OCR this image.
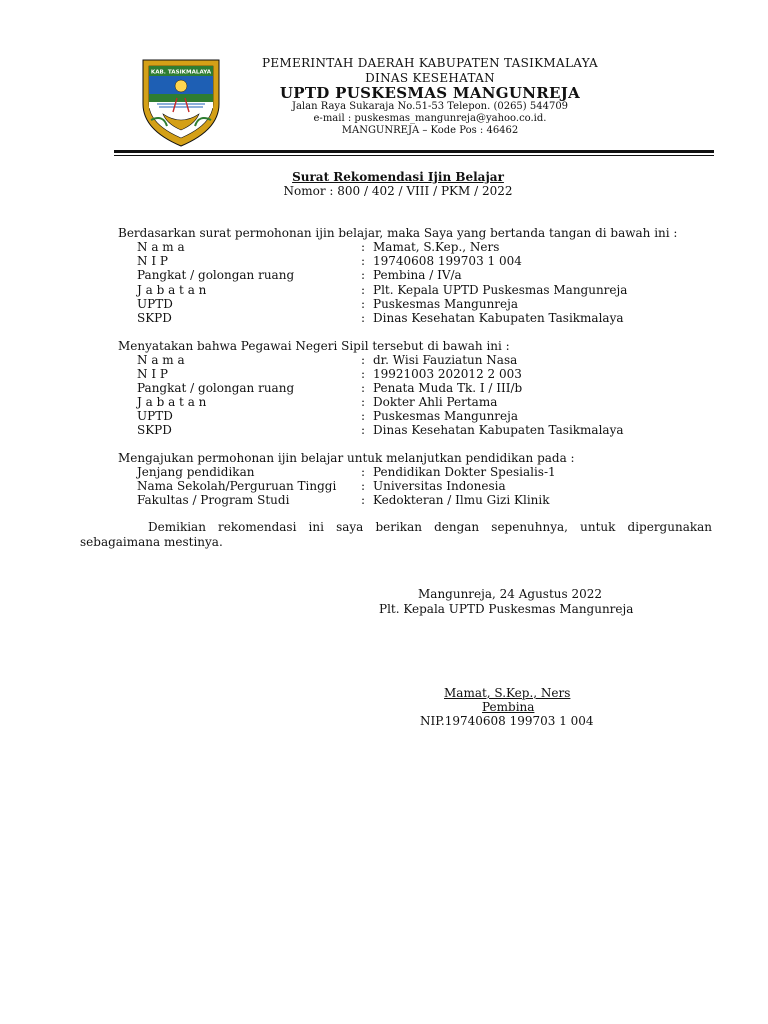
KAB. TASIKMALAYA
PEMERINTAH DAERAH KABUPATEN TASIKMALAYA
DINAS KESEHATAN
UPTD PUSKESMAS MANGUNREJA
Jalan Raya Sukaraja No.51-53 Telepon. (0265) 544709
e-mail : puskesmas_mangunreja@yahoo.co.id.
MANGUNREJA – Kode Pos : 46462
Surat Rekomendasi Ijin Belajar
Nomor : 800 / 402 / VIII / PKM / 2022
Berdasarkan surat permohonan ijin belajar, maka Saya yang bertanda tangan di bawah ini :
N a m a	: Mamat, S.Kep., Ners
N I P	: 19740608 199703 1 004
Pangkat / golongan ruang	: Pembina / IV/a
J a b a t a n	: Plt. Kepala UPTD Puskesmas Mangunreja
UPTD	: Puskesmas Mangunreja
SKPD	: Dinas Kesehatan Kabupaten Tasikmalaya
Menyatakan bahwa Pegawai Negeri Sipil tersebut di bawah ini :
N a m a	: dr. Wisi Fauziatun Nasa
N I P	: 19921003 202012 2 003
Pangkat / golongan ruang	: Penata Muda Tk. I / III/b
J a b a t a n	: Dokter Ahli Pertama
UPTD	: Puskesmas Mangunreja
SKPD	: Dinas Kesehatan Kabupaten Tasikmalaya
Mengajukan permohonan ijin belajar untuk melanjutkan pendidikan pada :
Jenjang pendidikan	: Pendidikan Dokter Spesialis-1
Nama Sekolah/Perguruan Tinggi : Universitas Indonesia
Fakultas / Program Studi	: Kedokteran / Ilmu Gizi Klinik
Demikian rekomendasi ini saya berikan dengan sepenuhnya, untuk dipergunakan
sebagaimana mestinya.
Mangunreja, 24 Agustus 2022
Plt. Kepala UPTD Puskesmas Mangunreja
Mamat, S.Kep., Ners
Pembina
NIP.19740608 199703 1 004
